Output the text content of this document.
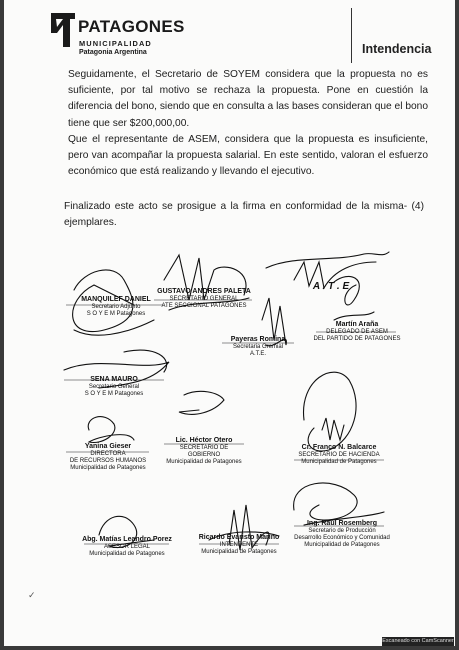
PATAGONES
MUNICIPALIDAD
Patagonia Argentina	Intendencia
Seguidamente, el Secretario de SOYEM considera que la propuesta no es suficiente, por tal motivo se rechaza la propuesta. Pone en cuestión la diferencia del bono, siendo que en consulta a las bases consideran que el bono tiene que ser $200,000,00.
Que el representante de ASEM, considera que la propuesta es insuficiente, pero van acompañar la propuesta salarial. En este sentido, valoran el esfuerzo económico que está realizando y llevando el ejecutivo.
Finalizado este acto se prosigue a la firma en conformidad de la misma- (4) ejemplares.
MANQUILEF DANIEL
Secretario Adjunto
S O Y E M Patagones
GUSTAVO ANDRES PALETA
SECRETARIO GENERAL
ATE SECCIONAL PATAGONES
A . T . E
Payeras Romina
Secretaria Gremial
A.T.E.
Martín Araña
DELEGADO DE ASEM
DEL PARTIDO DE PATAGONES
SENA MAURO
Secretario General
S O Y E M Patagones
Yanina Gieser
DIRECTORA
DE RECURSOS HUMANOS
Municipalidad de Patagones
Lic. Héctor Otero
SECRETARIO DE GOBIERNO
Municipalidad de Patagones
Cr. Franco N. Balcarce
SECRETARIO DE HACIENDA
Municipalidad de Patagones
Abg. Matías Leandro Porez
ASESOR LEGAL
Municipalidad de Patagones
Ricardo Evaristo Marino
INTENDENTE
Municipalidad de Patagones
Ing. Raúl Rosemberg
Secretario de Producción
Desarrollo Económico y Comunidad
Municipalidad de Patagones
✓
Escaneado con CamScanner
